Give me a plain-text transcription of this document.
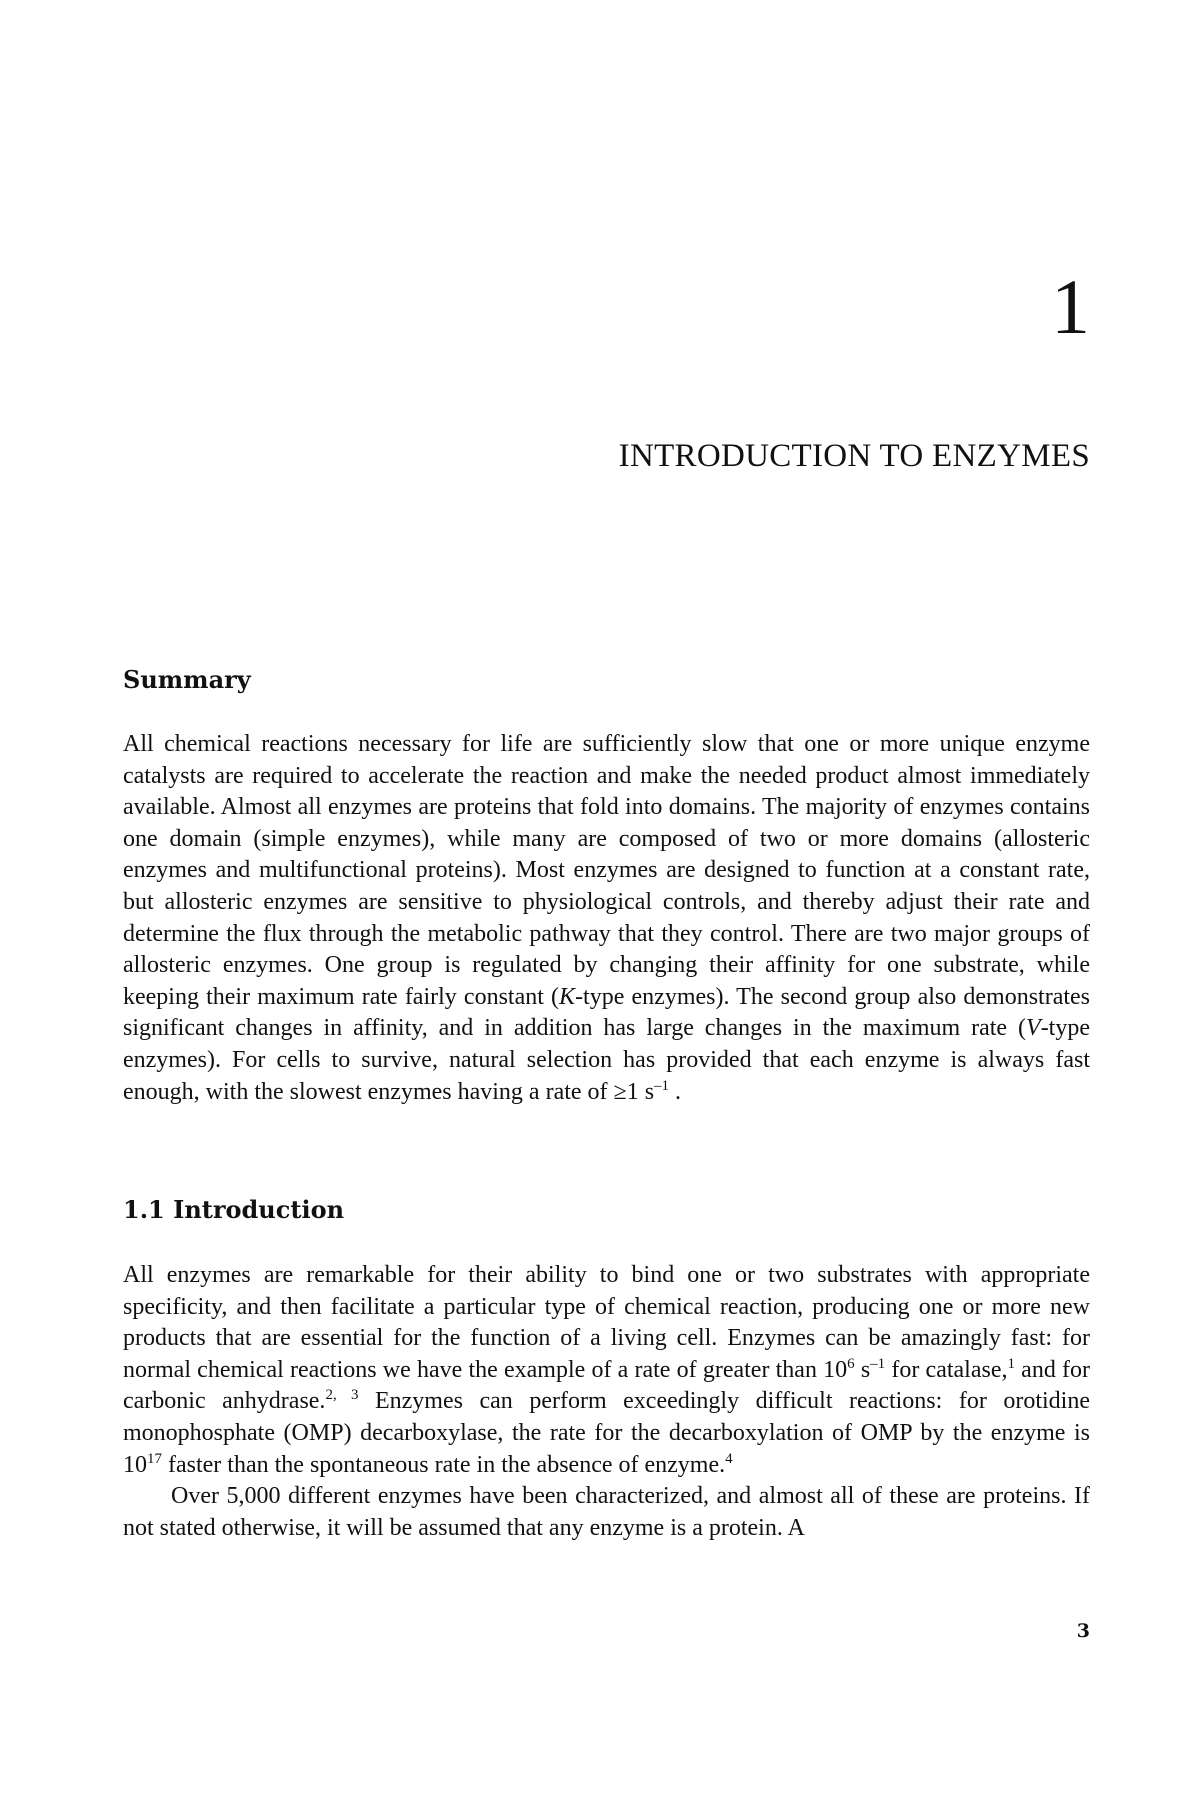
1
INTRODUCTION TO ENZYMES
Summary

All chemical reactions necessary for life are sufficiently slow that one or more unique enzyme catalysts are required to accelerate the reaction and make the needed product almost immediately available. Almost all enzymes are proteins that fold into domains. The majority of enzymes contains one domain (simple enzymes), while many are composed of two or more domains (allosteric enzymes and multifunctional proteins). Most enzymes are designed to function at a constant rate, but allosteric enzymes are sensitive to physiological controls, and thereby adjust their rate and determine the flux through the metabolic pathway that they control. There are two major groups of allosteric enzymes. One group is regulated by changing their affinity for one substrate, while keeping their maximum rate fairly constant (K-type enzymes). The second group also demonstrates significant changes in affinity, and in addition has large changes in the maximum rate (V-type enzymes). For cells to survive, natural selection has provided that each enzyme is always fast enough, with the slowest enzymes having a rate of ≥1 $s^{-1}$ .

1.1 Introduction

All enzymes are remarkable for their ability to bind one or two substrates with appropriate specificity, and then facilitate a particular type of chemical reaction, producing one or more new products that are essential for the function of a living cell. Enzymes can be amazingly fast: for normal chemical reactions we have the example of a rate of greater than $10^6$ $s^{-1}$ for catalase,$^1$ and for carbonic anhydrase.$^{2, 3}$ Enzymes can perform exceedingly difficult reactions: for orotidine monophosphate (OMP) decarboxylase, the rate for the decarboxylation of OMP by the enzyme is $10^{17}$ faster than the spontaneous rate in the absence of enzyme.$^4$

Over 5,000 different enzymes have been characterized, and almost all of these are proteins. If not stated otherwise, it will be assumed that any enzyme is a protein. A

3
